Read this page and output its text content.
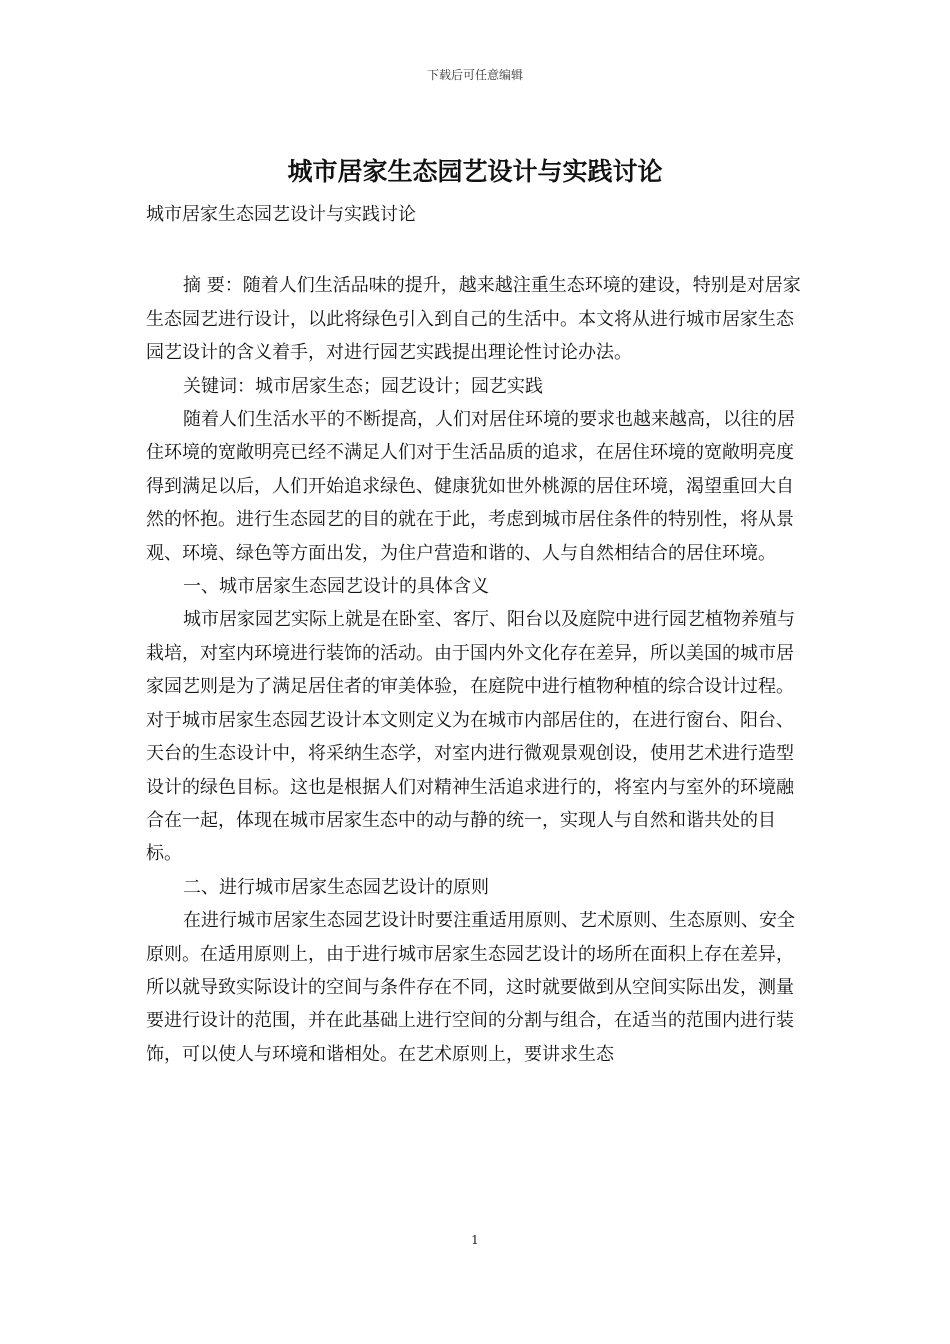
下载后可任意编辑
城市居家生态园艺设计与实践讨论

城市居家生态园艺设计与实践讨论

摘 要：随着人们生活品味的提升，越来越注重生态环境的建设，特别是对居家生态园艺进行设计，以此将绿色引入到自己的生活中。本文将从进行城市居家生态园艺设计的含义着手，对进行园艺实践提出理论性讨论办法。

关键词：城市居家生态；园艺设计；园艺实践

随着人们生活水平的不断提高，人们对居住环境的要求也越来越高，以往的居住环境的宽敞明亮已经不满足人们对于生活品质的追求，在居住环境的宽敞明亮度得到满足以后，人们开始追求绿色、健康犹如世外桃源的居住环境，渴望重回大自然的怀抱。进行生态园艺的目的就在于此，考虑到城市居住条件的特别性，将从景观、环境、绿色等方面出发，为住户营造和谐的、人与自然相结合的居住环境。

一、城市居家生态园艺设计的具体含义

城市居家园艺实际上就是在卧室、客厅、阳台以及庭院中进行园艺植物养殖与栽培，对室内环境进行装饰的活动。由于国内外文化存在差异，所以美国的城市居家园艺则是为了满足居住者的审美体验，在庭院中进行植物种植的综合设计过程。对于城市居家生态园艺设计本文则定义为在城市内部居住的，在进行窗台、阳台、天台的生态设计中，将采纳生态学，对室内进行微观景观创设，使用艺术进行造型设计的绿色目标。这也是根据人们对精神生活追求进行的，将室内与室外的环境融合在一起，体现在城市居家生态中的动与静的统一，实现人与自然和谐共处的目标。

二、进行城市居家生态园艺设计的原则

在进行城市居家生态园艺设计时要注重适用原则、艺术原则、生态原则、安全原则。在适用原则上，由于进行城市居家生态园艺设计的场所在面积上存在差异，所以就导致实际设计的空间与条件存在不同，这时就要做到从空间实际出发，测量要进行设计的范围，并在此基础上进行空间的分割与组合，在适当的范围内进行装饰，可以使人与环境和谐相处。在艺术原则上，要讲求生态

1
